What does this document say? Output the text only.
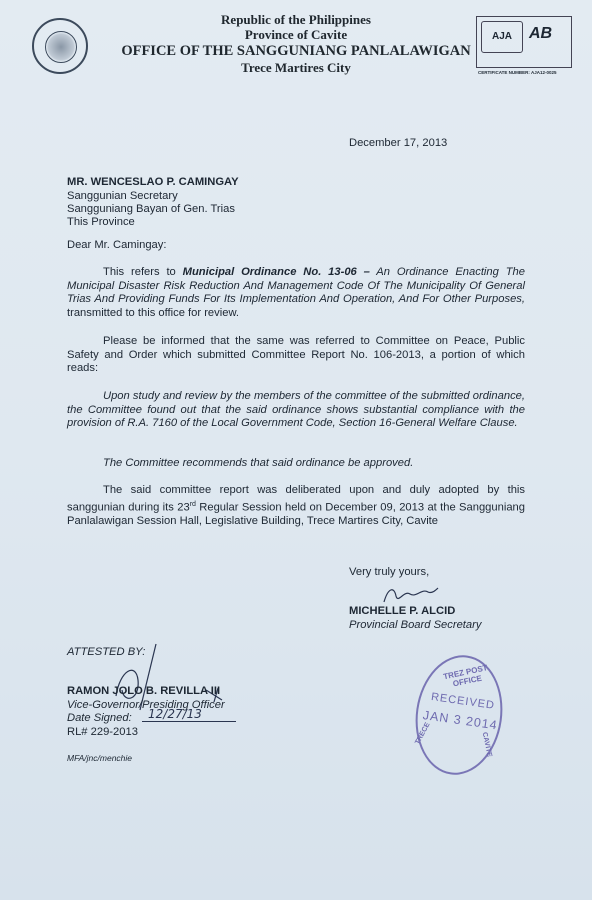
Republic of the Philippines
Province of Cavite
OFFICE OF THE SANGGUNIANG PANLALAWIGAN
Trece Martires City
AJA	AB
CERTIFICATE NUMBER: AJA12-0025
December 17, 2013
MR. WENCESLAO P. CAMINGAY
Sanggunian Secretary
Sangguniang Bayan of Gen. Trias
This Province
Dear Mr. Camingay:
This refers to Municipal Ordinance No. 13-06 – An Ordinance Enacting The Municipal Disaster Risk Reduction And Management Code Of The Municipality Of General Trias And Providing Funds For Its Implementation And Operation, And For Other Purposes, transmitted to this office for review.
Please be informed that the same was referred to Committee on Peace, Public Safety and Order which submitted Committee Report No. 106-2013, a portion of which reads:
Upon study and review by the members of the committee of the submitted ordinance, the Committee found out that the said ordinance shows substantial compliance with the provision of R.A. 7160 of the Local Government Code, Section 16-General Welfare Clause.
The Committee recommends that said ordinance be approved.
The said committee report was deliberated upon and duly adopted by this sanggunian during its 23rd Regular Session held on December 09, 2013 at the Sangguniang Panlalawigan Session Hall, Legislative Building, Trece Martires City, Cavite
Very truly yours,
MICHELLE P. ALCID
Provincial Board Secretary
ATTESTED BY:
RAMON JOLO B. REVILLA III
Vice-Governor/Presiding Officer
Date Signed:	12/27/13
RL# 229-2013
MFA/jnc/menchie
TREZ POST OFFICE
RECEIVED
JAN 3 2014
TRECE	CAVITE
